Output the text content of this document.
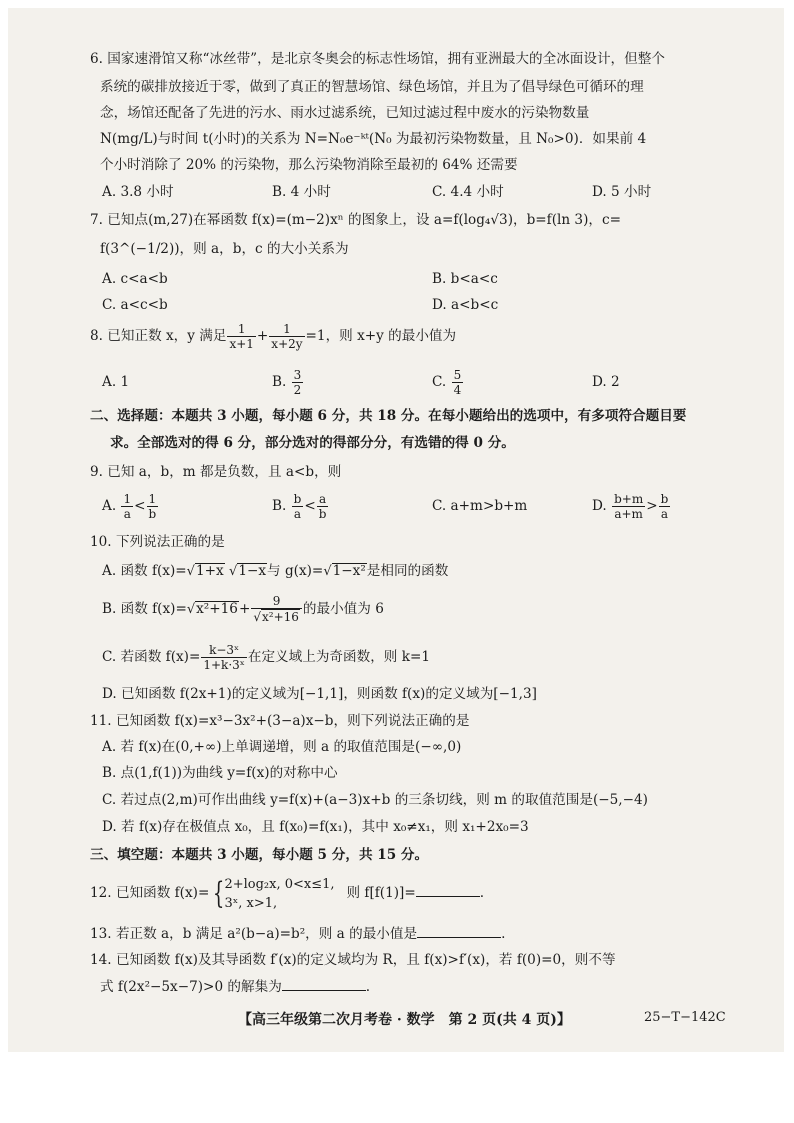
6. 国家速滑馆又称“冰丝带”，是北京冬奥会的标志性场馆，拥有亚洲最大的全冰面设计，但整个
系统的碳排放接近于零，做到了真正的智慧场馆、绿色场馆，并且为了倡导绿色可循环的理
念，场馆还配备了先进的污水、雨水过滤系统，已知过滤过程中废水的污染物数量
N(mg/L)与时间 t(小时)的关系为 N=N₀e⁻ᵏᵗ(N₀ 为最初污染物数量，且 N₀>0)．如果前 4
个小时消除了 20% 的污染物，那么污染物消除至最初的 64% 还需要
A. 3.8 小时	B. 4 小时	C. 4.4 小时	D. 5 小时
7. 已知点(m,27)在幂函数 f(x)=(m−2)xⁿ 的图象上，设 a=f(log₄√3)，b=f(ln 3)，c=
f(3^(−1/2))，则 a，b，c 的大小关系为
A. c<a<b	B. b<a<c
C. a<c<b	D. a<b<c
8. 已知正数 x，y 满足 $\frac{1}{x+1} + \frac{1}{x+2y} =1$，则 x+y 的最小值为
A. 1	B. $\frac{3}{2}$	C. $\frac{5}{4}$	D. 2
二、选择题：本题共 3 小题，每小题 6 分，共 18 分。在每小题给出的选项中，有多项符合题目要
求。全部选对的得 6 分，部分选对的得部分分，有选错的得 0 分。
9. 已知 a，b，m 都是负数，且 a<b，则
A. $\frac{1}{a} < \frac{1}{b}$	B. $\frac{b}{a} < \frac{a}{b}$	C. a+m>b+m	D. $\frac{b+m}{a+m} > \frac{b}{a}$
10. 下列说法正确的是
A. 函数 f(x)=√1+x √1−x与 g(x)=√1−x²是相同的函数
B. 函数 $f(x)=√x^2+16+ \frac{9}{\text{√x²+16}}$ 的最小值为 6
C. 若函数 $f(x)= \frac{\text{k−3ˣ}}{\text{1+k·3ˣ}}$ 在定义域上为奇函数，则 k=1
D. 已知函数 f(2x+1)的定义域为[−1,1]，则函数 f(x)的定义域为[−1,3]
11. 已知函数 f(x)=x³−3x²+(3−a)x−b，则下列说法正确的是
A. 若 f(x)在(0,+∞)上单调递增，则 a 的取值范围是(−∞,0)
B. 点(1,f(1))为曲线 y=f(x)的对称中心
C. 若过点(2,m)可作出曲线 y=f(x)+(a−3)x+b 的三条切线，则 m 的取值范围是(−5,−4)
D. 若 f(x)存在极值点 x₀，且 f(x₀)=f(x₁)，其中 x₀≠x₁，则 x₁+2x₀=3
三、填空题：本题共 3 小题，每小题 5 分，共 15 分。
12. 已知函数 f(x)= { 2+log₂x, 0<x≤1,
3ˣ, x>1,
则 f[f(1)]=	.
13. 若正数 a，b 满足 a²(b−a)=b²，则 a 的最小值是	.
14. 已知函数 f(x)及其导函数 f′(x)的定义域均为 R，且 f(x)>f′(x)，若 f(0)=0，则不等
式 f(2x²−5x−7)>0 的解集为	.
【高三年级第二次月考卷 · 数学　第 2 页(共 4 页)】	25−T−142C
